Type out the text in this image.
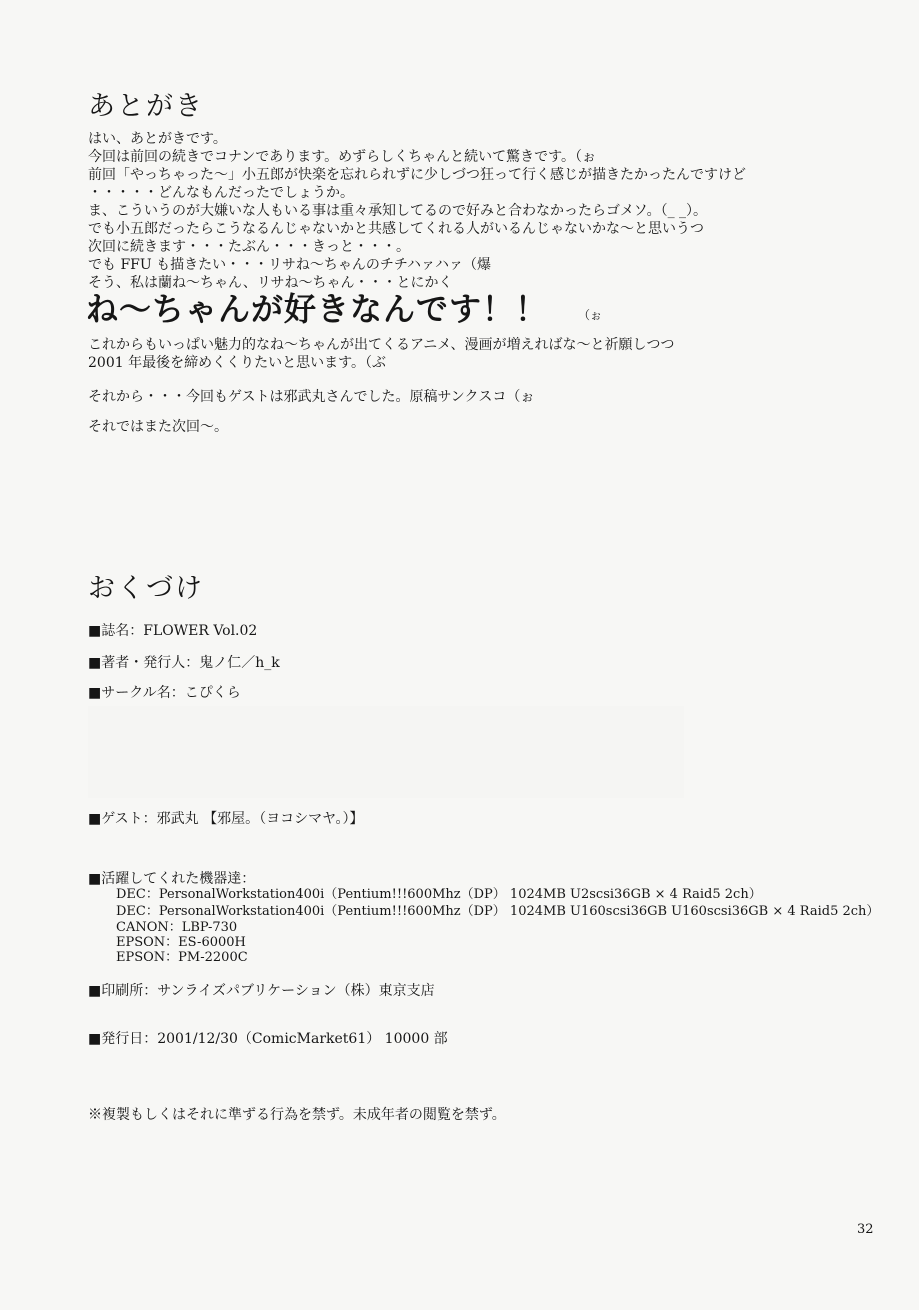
あとがき
はい、あとがきです。
今回は前回の続きでコナンであります。めずらしくちゃんと続いて驚きです。（ぉ
前回「やっちゃった～」小五郎が快楽を忘れられずに少しづつ狂って行く感じが描きたかったんですけど
・・・・・どんなもんだったでしょうか。
ま、こういうのが大嫌いな人もいる事は重々承知してるので好みと合わなかったらゴメソ。（_ _）。
でも小五郎だったらこうなるんじゃないかと共感してくれる人がいるんじゃないかな～と思いうつ
次回に続きます・・・たぶん・・・きっと・・・。
でも FFU も描きたい・・・リサね～ちゃんのチチハァハァ（爆
そう、私は蘭ね～ちゃん、リサね～ちゃん・・・とにかく
ね～ちゃんが好きなんです！！ （ぉ
これからもいっぱい魅力的なね～ちゃんが出てくるアニメ、漫画が増えればな～と祈願しつつ
2001 年最後を締めくくりたいと思います。（ぶ
それから・・・今回もゲストは邪武丸さんでした。原稿サンクスコ（ぉ
それではまた次回～。
おくづけ
■誌名：FLOWER Vol.02
■著者・発行人：鬼ノ仁／h_k
■サークル名：こぴくら
■ゲスト：邪武丸 【邪屋。（ヨコシマヤ。）】
■活躍してくれた機器達：
DEC：PersonalWorkstation400i（Pentium!!!600Mhz（DP） 1024MB U2scsi36GB × 4 Raid5 2ch）
DEC：PersonalWorkstation400i（Pentium!!!600Mhz（DP） 1024MB U160scsi36GB U160scsi36GB × 4 Raid5 2ch）
CANON：LBP-730
EPSON：ES-6000H
EPSON：PM-2200C
■印刷所：サンライズパブリケーション（株）東京支店
■発行日：2001/12/30（ComicMarket61） 10000 部
※複製もしくはそれに準ずる行為を禁ず。未成年者の閲覧を禁ず。
32
